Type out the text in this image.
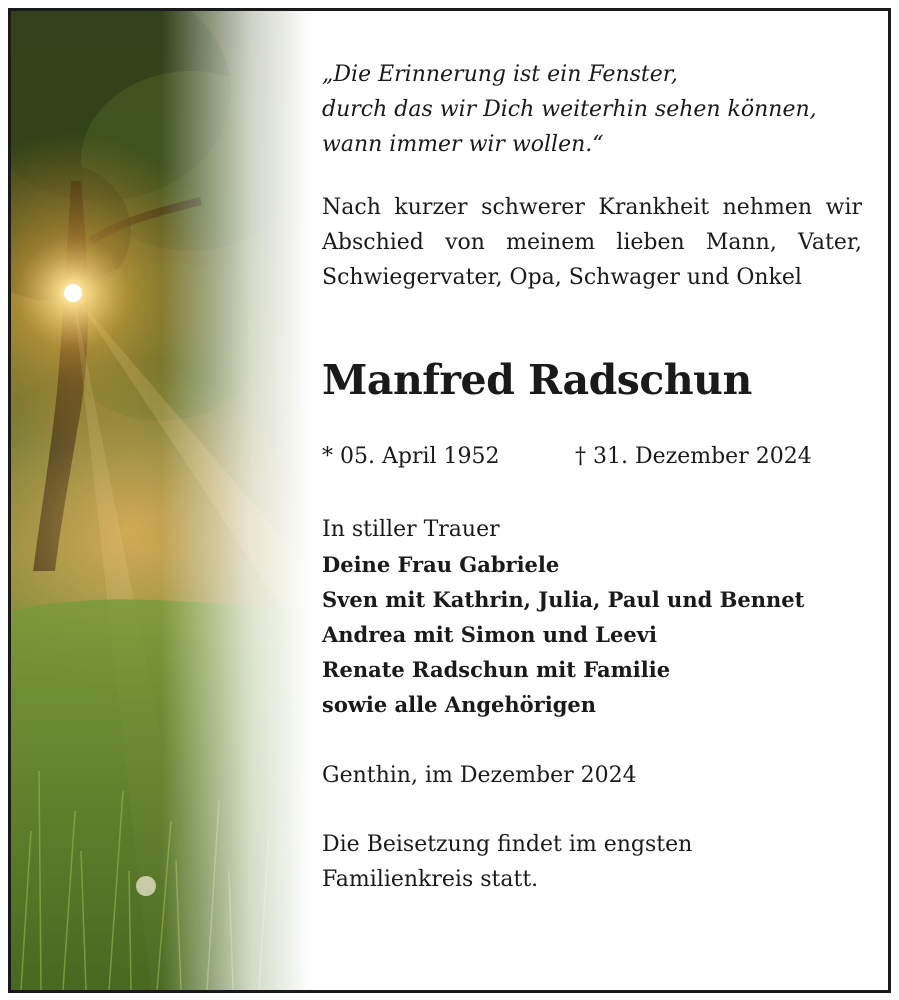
„Die Erinnerung ist ein Fenster,
durch das wir Dich weiterhin sehen können,
wann immer wir wollen.“

Nach kurzer schwerer Krankheit nehmen wir Abschied von meinem lieben Mann, Vater, Schwiegervater, Opa, Schwager und Onkel

Manfred Radschun
* 05. April 1952	† 31. Dezember 2024
In stiller Trauer
Deine Frau Gabriele
Sven mit Kathrin, Julia, Paul und Bennet
Andrea mit Simon und Leevi
Renate Radschun mit Familie
sowie alle Angehörigen

Genthin, im Dezember 2024

Die Beisetzung findet im engsten
Familienkreis statt.
